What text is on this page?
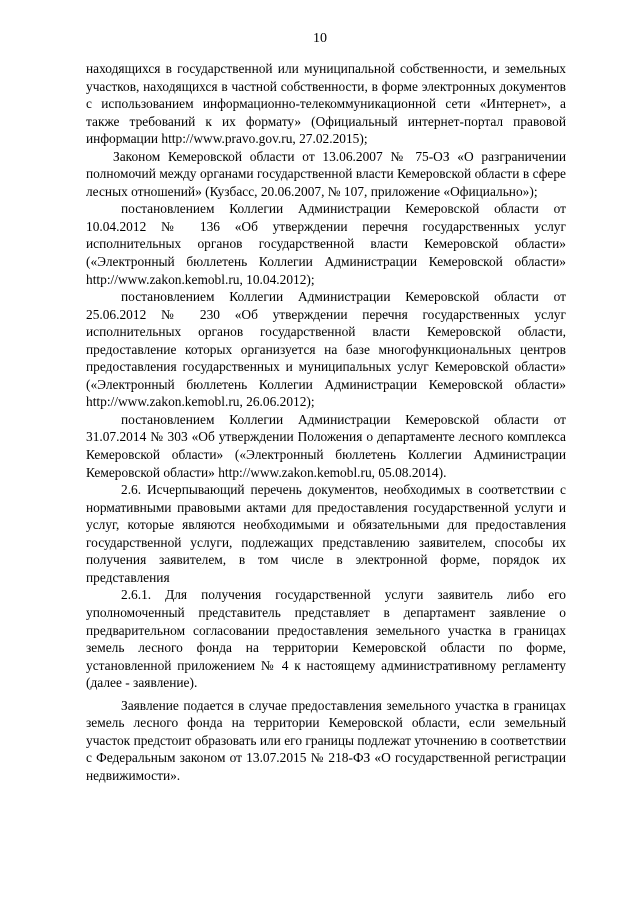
10

находящихся в государственной или муниципальной собственности, и земельных участков, находящихся в частной собственности, в форме электронных документов с использованием информационно-телекоммуникационной сети «Интернет», а также требований к их формату» (Официальный интернет-портал правовой информации http://www.pravo.gov.ru, 27.02.2015);

Законом Кемеровской области от 13.06.2007 № 75-ОЗ «О разграничении полномочий между органами государственной власти Кемеровской области в сфере лесных отношений» (Кузбасс, 20.06.2007, № 107, приложение «Официально»);

постановлением Коллегии Администрации Кемеровской области от 10.04.2012 № 136 «Об утверждении перечня государственных услуг исполнительных органов государственной власти Кемеровской области» («Электронный бюллетень Коллегии Администрации Кемеровской области» http://www.zakon.kemobl.ru, 10.04.2012);

постановлением Коллегии Администрации Кемеровской области от 25.06.2012 № 230 «Об утверждении перечня государственных услуг исполнительных органов государственной власти Кемеровской области, предоставление которых организуется на базе многофункциональных центров предоставления государственных и муниципальных услуг Кемеровской области» («Электронный бюллетень Коллегии Администрации Кемеровской области» http://www.zakon.kemobl.ru, 26.06.2012);

постановлением Коллегии Администрации Кемеровской области от 31.07.2014 № 303 «Об утверждении Положения о департаменте лесного комплекса Кемеровской области» («Электронный бюллетень Коллегии Администрации Кемеровской области» http://www.zakon.kemobl.ru, 05.08.2014).

2.6. Исчерпывающий перечень документов, необходимых в соответствии с нормативными правовыми актами для предоставления государственной услуги и услуг, которые являются необходимыми и обязательными для предоставления государственной услуги, подлежащих представлению заявителем, способы их получения заявителем, в том числе в электронной форме, порядок их представления

2.6.1. Для получения государственной услуги заявитель либо его уполномоченный представитель представляет в департамент заявление о предварительном согласовании предоставления земельного участка в границах земель лесного фонда на территории Кемеровской области по форме, установленной приложением № 4 к настоящему административному регламенту (далее - заявление).

Заявление подается в случае предоставления земельного участка в границах земель лесного фонда на территории Кемеровской области, если земельный участок предстоит образовать или его границы подлежат уточнению в соответствии с Федеральным законом от 13.07.2015 № 218-ФЗ «О государственной регистрации недвижимости».
